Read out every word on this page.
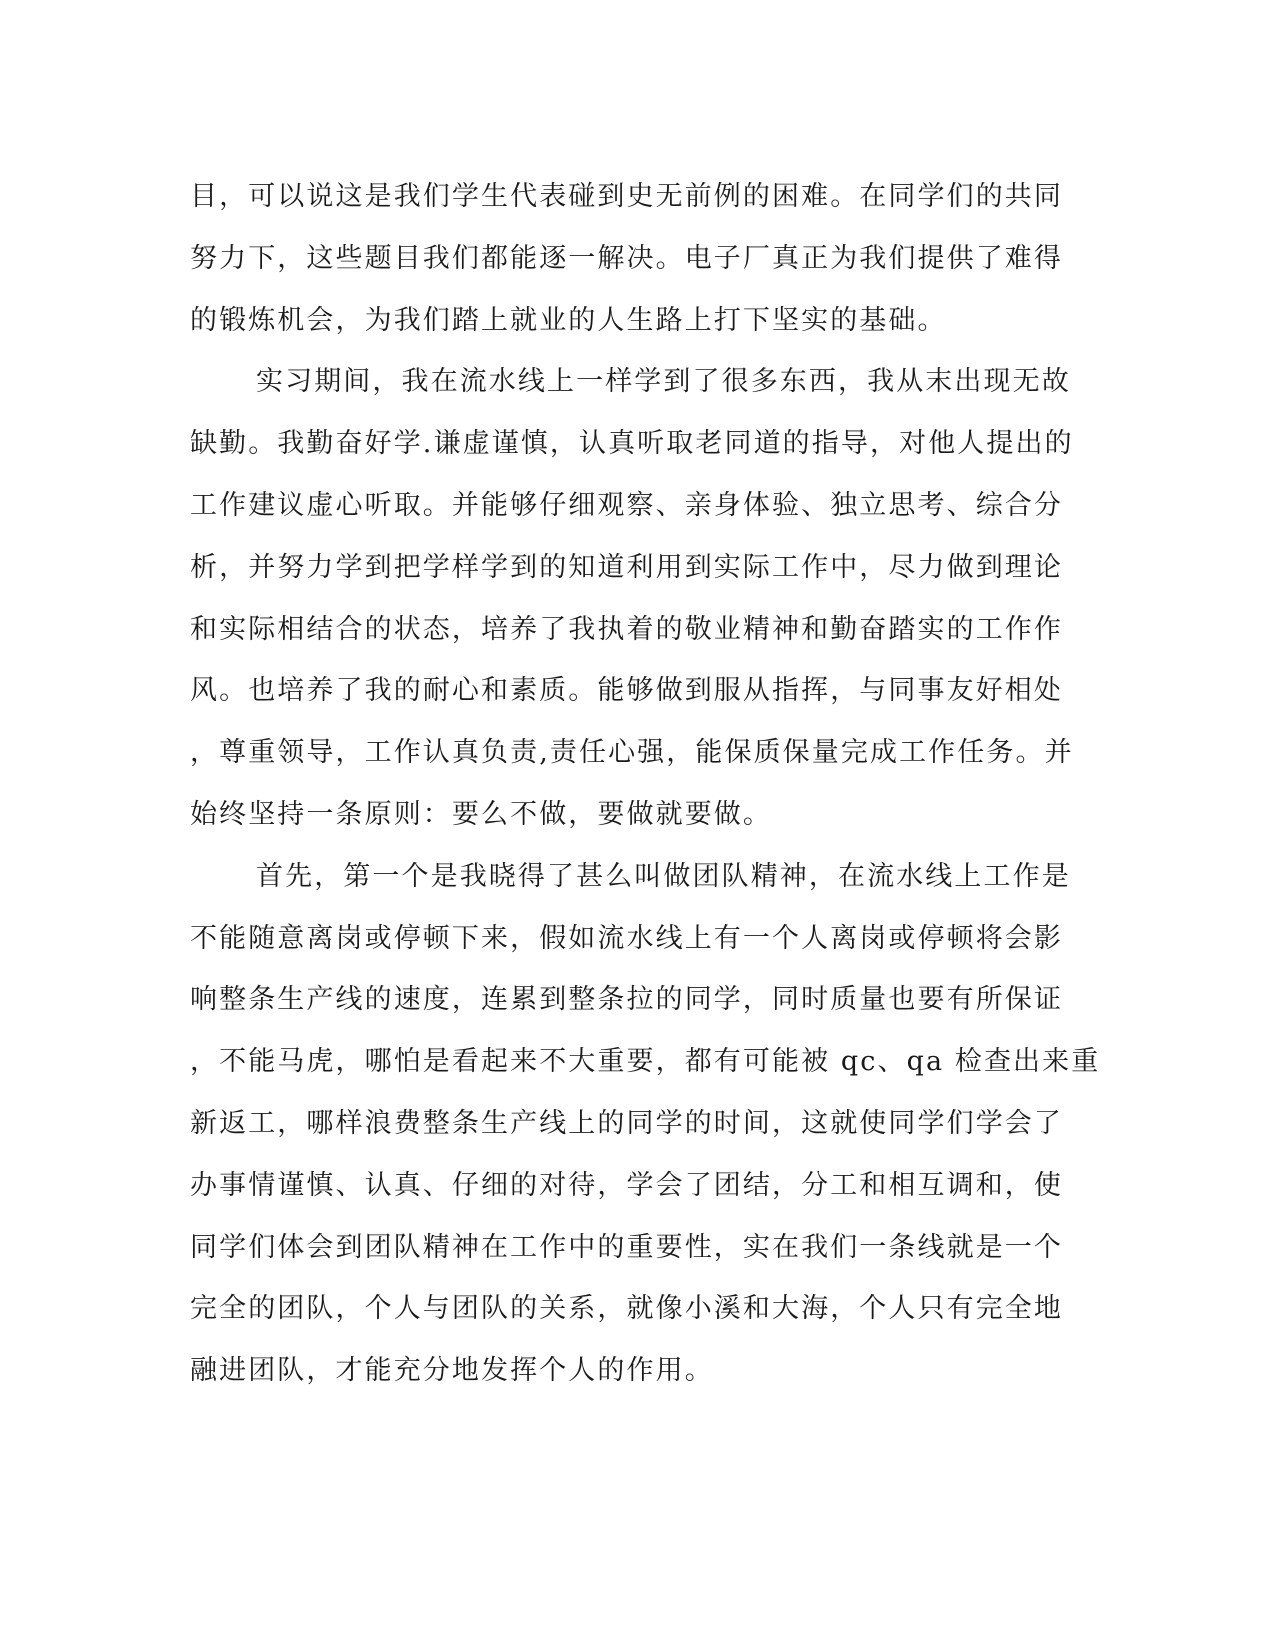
目，可以说这是我们学生代表碰到史无前例的困难。在同学们的共同
努力下，这些题目我们都能逐一解决。电子厂真正为我们提供了难得
的锻炼机会，为我们踏上就业的人生路上打下坚实的基础。
实习期间，我在流水线上一样学到了很多东西，我从末出现无故
缺勤。我勤奋好学.谦虚谨慎，认真听取老同道的指导，对他人提出的
工作建议虚心听取。并能够仔细观察、亲身体验、独立思考、综合分
析，并努力学到把学样学到的知道利用到实际工作中，尽力做到理论
和实际相结合的状态，培养了我执着的敬业精神和勤奋踏实的工作作
风。也培养了我的耐心和素质。能够做到服从指挥，与同事友好相处
，尊重领导，工作认真负责,责任心强，能保质保量完成工作任务。并
始终坚持一条原则：要么不做，要做就要做。
首先，第一个是我晓得了甚么叫做团队精神，在流水线上工作是
不能随意离岗或停顿下来，假如流水线上有一个人离岗或停顿将会影
响整条生产线的速度，连累到整条拉的同学，同时质量也要有所保证
，不能马虎，哪怕是看起来不大重要，都有可能被 qc、qa 检查出来重
新返工，哪样浪费整条生产线上的同学的时间，这就使同学们学会了
办事情谨慎、认真、仔细的对待，学会了团结，分工和相互调和，使
同学们体会到团队精神在工作中的重要性，实在我们一条线就是一个
完全的团队，个人与团队的关系，就像小溪和大海，个人只有完全地
融进团队，才能充分地发挥个人的作用。
